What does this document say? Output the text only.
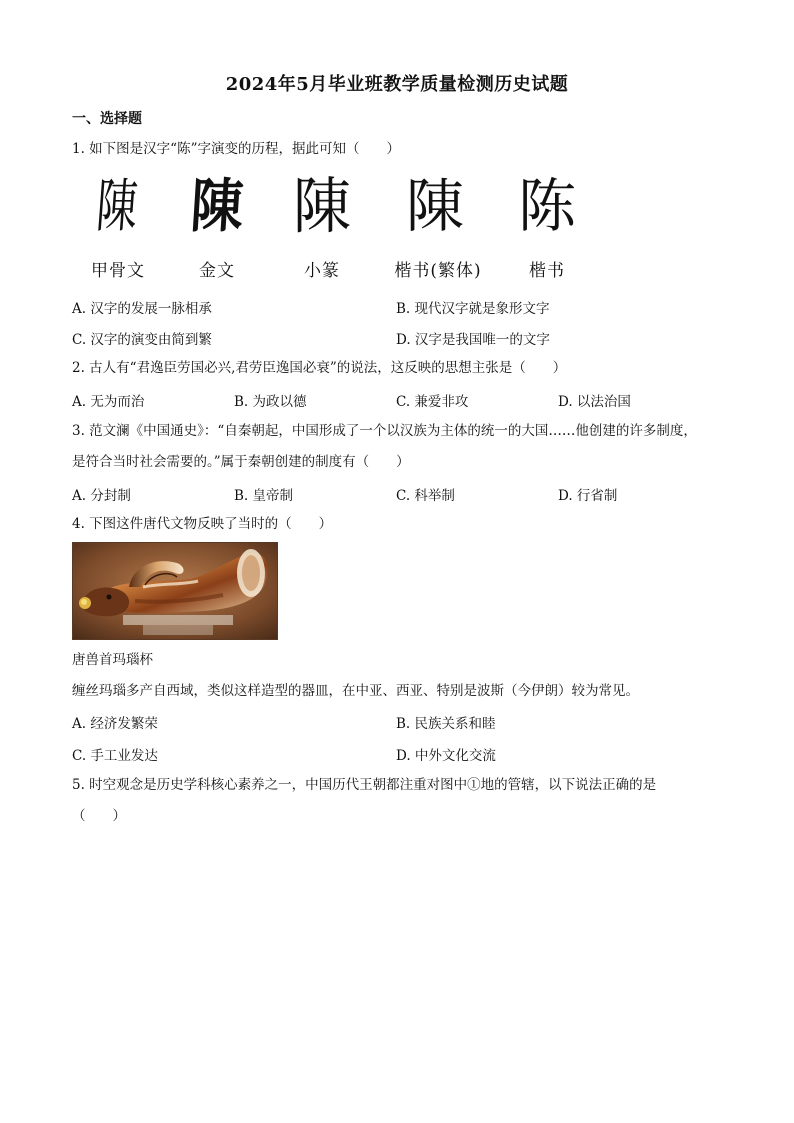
2024年5月毕业班教学质量检测历史试题
一、选择题
1. 如下图是汉字“陈”字演变的历程，据此可知（　　）
陳 陳 陳 陳 陈
甲骨文	金文	小篆	楷书(繁体)	楷书
A. 汉字的发展一脉相承	B. 现代汉字就是象形文字
C. 汉字的演变由简到繁	D. 汉字是我国唯一的文字
2. 古人有“君逸臣劳国必兴,君劳臣逸国必衰”的说法，这反映的思想主张是（　　）
A. 无为而治	B. 为政以德	C. 兼爱非攻	D. 以法治国
3. 范文澜《中国通史》：“自秦朝起，中国形成了一个以汉族为主体的统一的大国……他创建的许多制度，
是符合当时社会需要的。”属于秦朝创建的制度有（　　）
A. 分封制	B. 皇帝制	C. 科举制	D. 行省制
4. 下图这件唐代文物反映了当时的（　　）
唐兽首玛瑙杯
缠丝玛瑙多产自西域，类似这样造型的器皿，在中亚、西亚、特别是波斯（今伊朗）较为常见。
A. 经济发繁荣	B. 民族关系和睦
C. 手工业发达	D. 中外文化交流
5. 时空观念是历史学科核心素养之一，中国历代王朝都注重对图中①地的管辖，以下说法正确的是
（　　）
